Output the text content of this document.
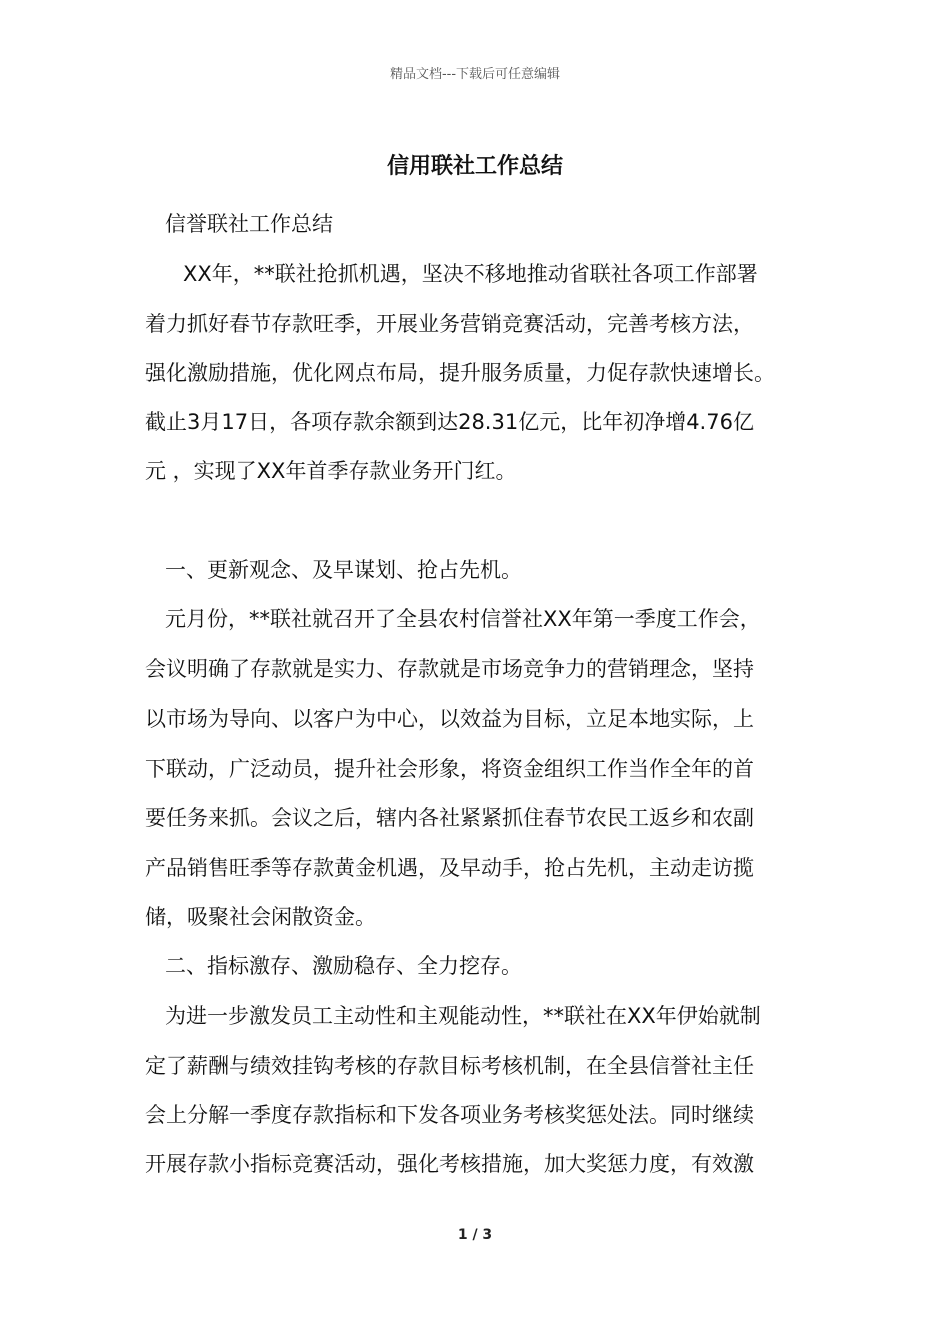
精品文档---下载后可任意编辑
信用联社工作总结
信誉联社工作总结
XX年，**联社抢抓机遇，坚决不移地推动省联社各项工作部署
着力抓好春节存款旺季，开展业务营销竞赛活动，完善考核方法，
强化激励措施，优化网点布局，提升服务质量，力促存款快速增长。
截止3月17日，各项存款余额到达28.31亿元，比年初净增4.76亿
元 ，实现了XX年首季存款业务开门红。
一、更新观念、及早谋划、抢占先机。
元月份，**联社就召开了全县农村信誉社XX年第一季度工作会，
会议明确了存款就是实力、存款就是市场竞争力的营销理念，坚持
以市场为导向、以客户为中心，以效益为目标，立足本地实际，上
下联动，广泛动员，提升社会形象，将资金组织工作当作全年的首
要任务来抓。会议之后，辖内各社紧紧抓住春节农民工返乡和农副
产品销售旺季等存款黄金机遇，及早动手，抢占先机，主动走访揽
储，吸聚社会闲散资金。
二、指标激存、激励稳存、全力挖存。
为进一步激发员工主动性和主观能动性，**联社在XX年伊始就制
定了薪酬与绩效挂钩考核的存款目标考核机制，在全县信誉社主任
会上分解一季度存款指标和下发各项业务考核奖惩处法。同时继续
开展存款小指标竞赛活动，强化考核措施，加大奖惩力度，有效激
1 / 3
